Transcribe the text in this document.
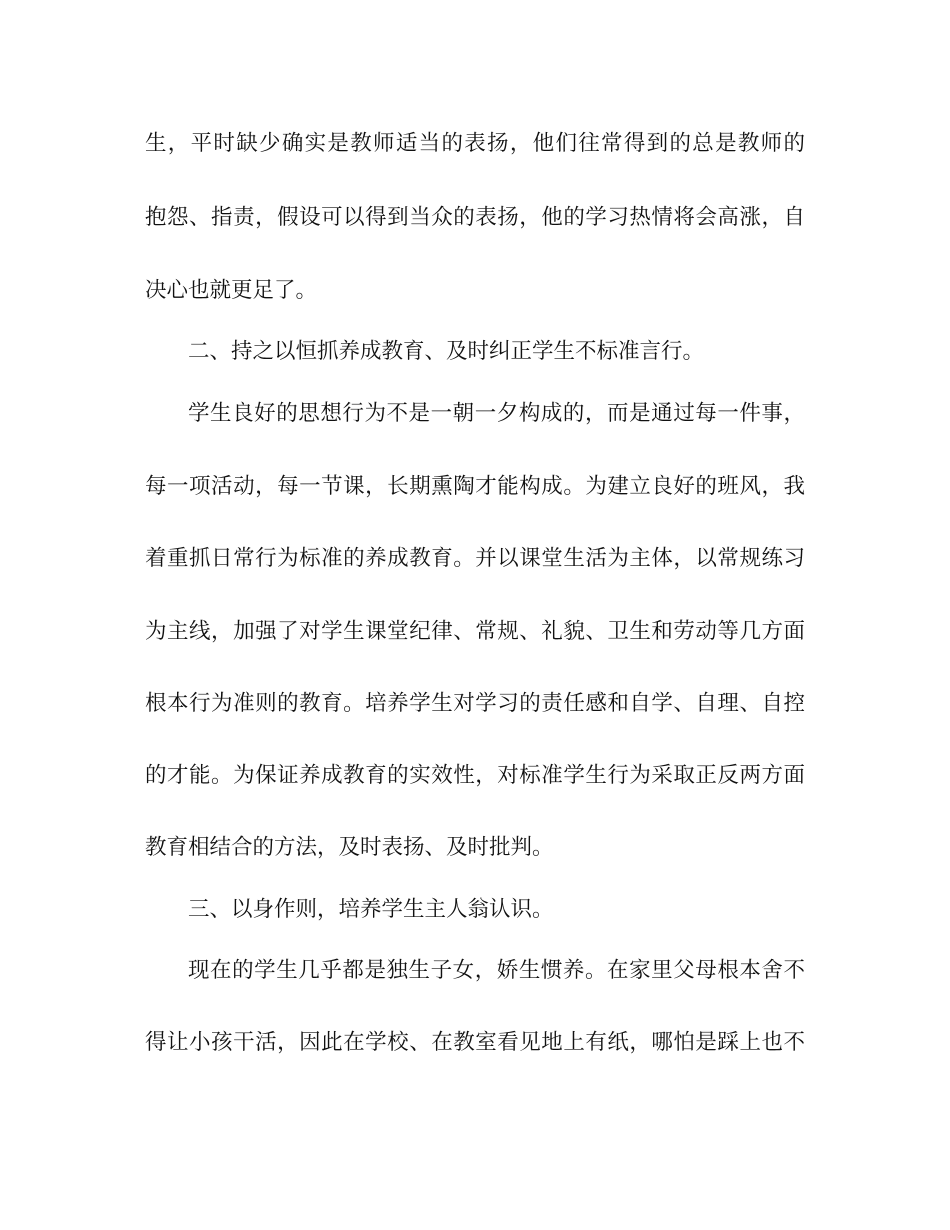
生，平时缺少确实是教师适当的表扬，他们往常得到的总是教师的

抱怨、指责，假设可以得到当众的表扬，他的学习热情将会高涨，自

决心也就更足了。

二、持之以恒抓养成教育、及时纠正学生不标准言行。

学生良好的思想行为不是一朝一夕构成的，而是通过每一件事，

每一项活动，每一节课，长期熏陶才能构成。为建立良好的班风，我

着重抓日常行为标准的养成教育。并以课堂生活为主体，以常规练习

为主线，加强了对学生课堂纪律、常规、礼貌、卫生和劳动等几方面

根本行为准则的教育。培养学生对学习的责任感和自学、自理、自控

的才能。为保证养成教育的实效性，对标准学生行为采取正反两方面

教育相结合的方法，及时表扬、及时批判。

三、以身作则，培养学生主人翁认识。

现在的学生几乎都是独生子女，娇生惯养。在家里父母根本舍不

得让小孩干活，因此在学校、在教室看见地上有纸，哪怕是踩上也不
